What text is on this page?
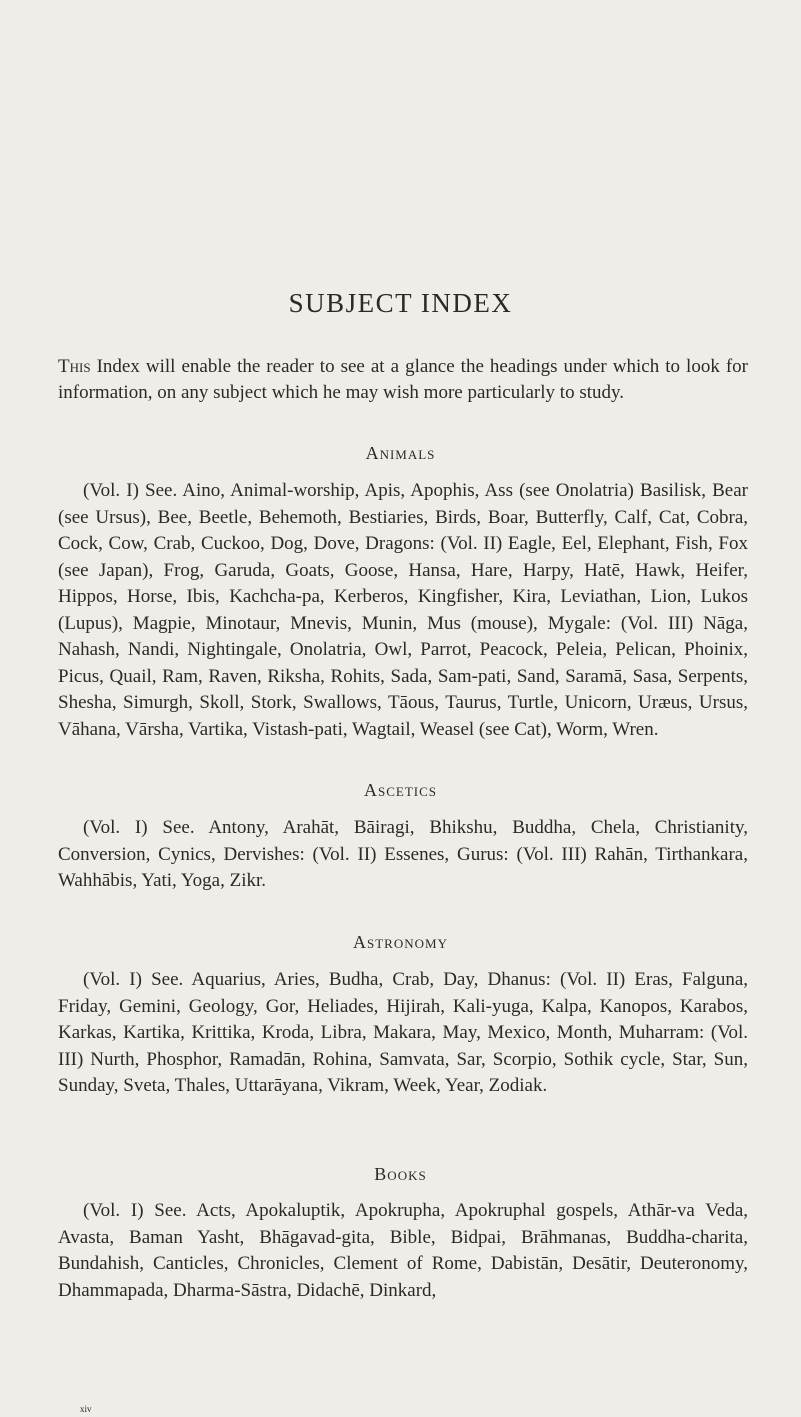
SUBJECT INDEX

This Index will enable the reader to see at a glance the headings under which to look for information, on any subject which he may wish more particularly to study.

Animals

(Vol. I) See. Aino, Animal-worship, Apis, Apophis, Ass (see Onolatria) Basilisk, Bear (see Ursus), Bee, Beetle, Behemoth, Bestiaries, Birds, Boar, Butterfly, Calf, Cat, Cobra, Cock, Cow, Crab, Cuckoo, Dog, Dove, Dragons: (Vol. II) Eagle, Eel, Elephant, Fish, Fox (see Japan), Frog, Garuda, Goats, Goose, Hansa, Hare, Harpy, Hatē, Hawk, Heifer, Hippos, Horse, Ibis, Kachcha-pa, Kerberos, Kingfisher, Kira, Leviathan, Lion, Lukos (Lupus), Magpie, Minotaur, Mnevis, Munin, Mus (mouse), Mygale: (Vol. III) Nāga, Nahash, Nandi, Nightingale, Onolatria, Owl, Parrot, Peacock, Peleia, Pelican, Phoinix, Picus, Quail, Ram, Raven, Riksha, Rohits, Sada, Sam-pati, Sand, Saramā, Sasa, Serpents, Shesha, Simurgh, Skoll, Stork, Swallows, Tāous, Taurus, Turtle, Unicorn, Uræus, Ursus, Vāhana, Vārsha, Vartika, Vistash-pati, Wagtail, Weasel (see Cat), Worm, Wren.

Ascetics

(Vol. I) See. Antony, Arahāt, Bāiragi, Bhikshu, Buddha, Chela, Christianity, Conversion, Cynics, Dervishes: (Vol. II) Essenes, Gurus: (Vol. III) Rahān, Tirthankara, Wahhābis, Yati, Yoga, Zikr.

Astronomy

(Vol. I) See. Aquarius, Aries, Budha, Crab, Day, Dhanus: (Vol. II) Eras, Falguna, Friday, Gemini, Geology, Gor, Heliades, Hijirah, Kali-yuga, Kalpa, Kanopos, Karabos, Karkas, Kartika, Krittika, Kroda, Libra, Makara, May, Mexico, Month, Muharram: (Vol. III) Nurth, Phosphor, Ramadān, Rohina, Samvata, Sar, Scorpio, Sothik cycle, Star, Sun, Sunday, Sveta, Thales, Uttarāyana, Vikram, Week, Year, Zodiak.

Books

(Vol. I) See. Acts, Apokaluptik, Apokrupha, Apokruphal gospels, Athār-va Veda, Avasta, Baman Yasht, Bhāgavad-gita, Bible, Bidpai, Brāhmanas, Buddha-charita, Bundahish, Canticles, Chronicles, Clement of Rome, Dabistān, Desātir, Deuteronomy, Dhammapada, Dharma-Sāstra, Didachē, Dinkard,

xiv
